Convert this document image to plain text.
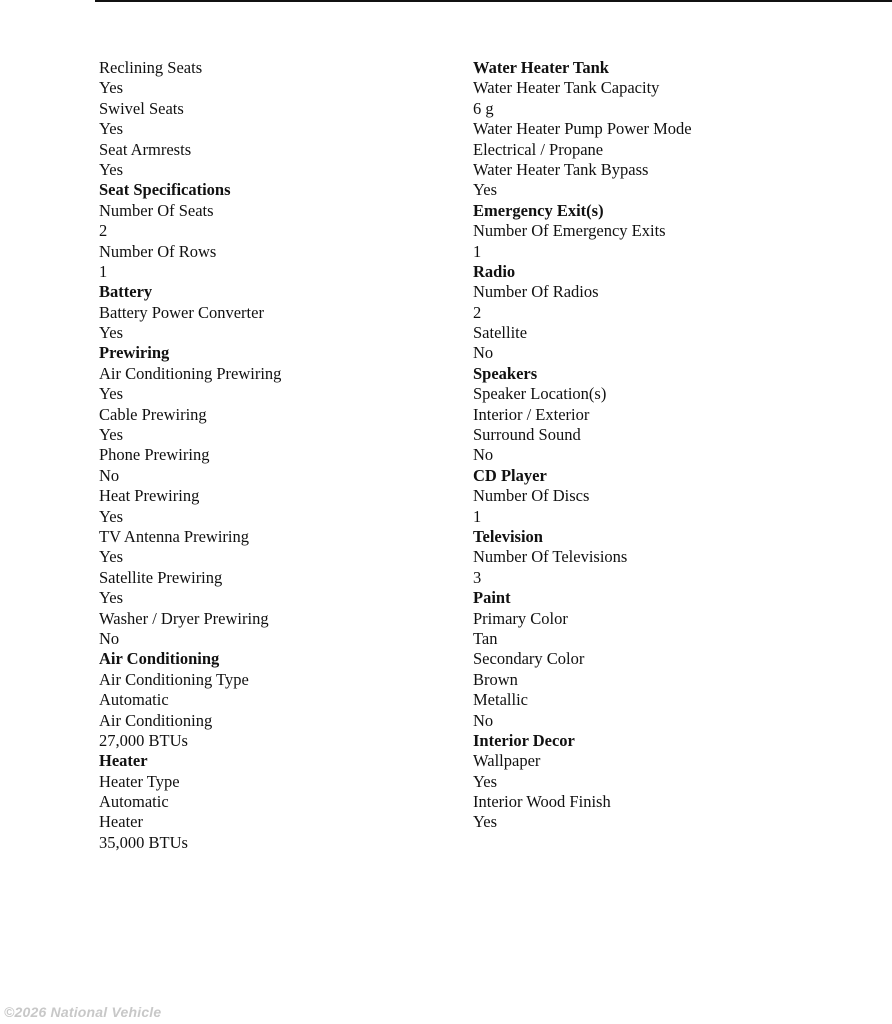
Reclining Seats
Yes
Swivel Seats
Yes
Seat Armrests
Yes
Seat Specifications
Number Of Seats
2
Number Of Rows
1
Battery
Battery Power Converter
Yes
Prewiring
Air Conditioning Prewiring
Yes
Cable Prewiring
Yes
Phone Prewiring
No
Heat Prewiring
Yes
TV Antenna Prewiring
Yes
Satellite Prewiring
Yes
Washer / Dryer Prewiring
No
Air Conditioning
Air Conditioning Type
Automatic
Air Conditioning
27,000 BTUs
Heater
Heater Type
Automatic
Heater
35,000 BTUs
Water Heater Tank
Water Heater Tank Capacity
6 g
Water Heater Pump Power Mode
Electrical / Propane
Water Heater Tank Bypass
Yes
Emergency Exit(s)
Number Of Emergency Exits
1
Radio
Number Of Radios
2
Satellite
No
Speakers
Speaker Location(s)
Interior / Exterior
Surround Sound
No
CD Player
Number Of Discs
1
Television
Number Of Televisions
3
Paint
Primary Color
Tan
Secondary Color
Brown
Metallic
No
Interior Decor
Wallpaper
Yes
Interior Wood Finish
Yes
©2026 National Vehicle
